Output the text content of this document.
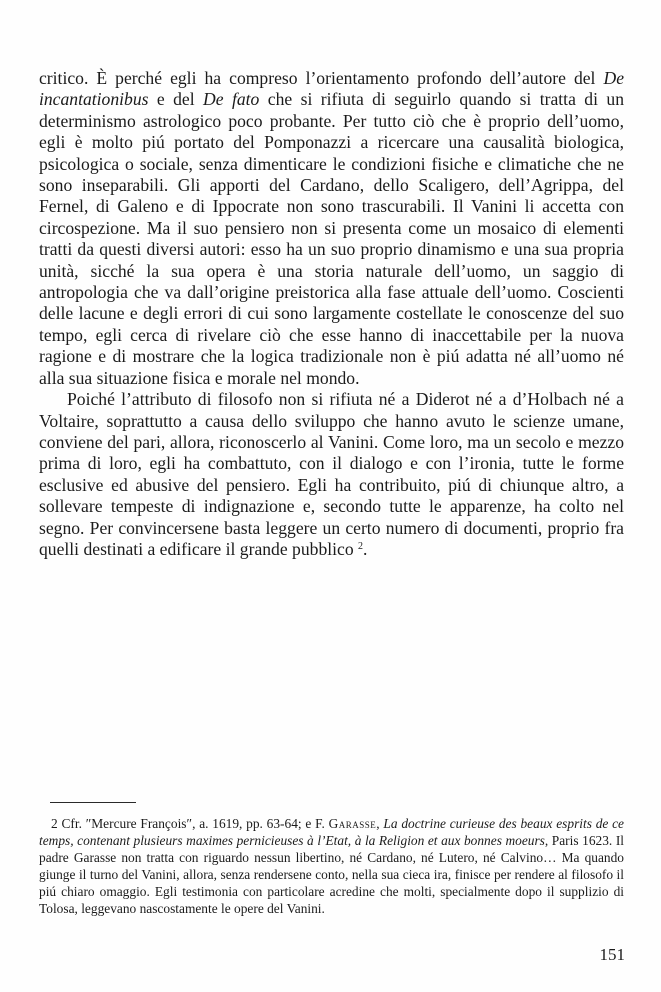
critico. È perché egli ha compreso l’orientamento profondo dell’autore del De incantationibus e del De fato che si rifiuta di seguirlo quando si tratta di un determinismo astrologico poco probante. Per tutto ciò che è proprio dell’uomo, egli è molto piú portato del Pomponazzi a ricercare una causalità biologica, psicologica o sociale, senza dimenticare le condizioni fisiche e climatiche che ne sono inseparabili. Gli apporti del Cardano, dello Scaligero, dell’Agrippa, del Fernel, di Galeno e di Ippocrate non sono trascurabili. Il Vanini li accetta con circospezione. Ma il suo pensiero non si presenta come un mosaico di elementi tratti da questi diversi autori: esso ha un suo proprio dinamismo e una sua propria unità, sicché la sua opera è una storia naturale dell’uomo, un saggio di antropologia che va dall’origine preistorica alla fase attuale dell’uomo. Coscienti delle lacune e degli errori di cui sono largamente costellate le conoscenze del suo tempo, egli cerca di rivelare ciò che esse hanno di inaccettabile per la nuova ragione e di mostrare che la logica tradizionale non è piú adatta né all’uomo né alla sua situazione fisica e morale nel mondo.

Poiché l’attributo di filosofo non si rifiuta né a Diderot né a d’Holbach né a Voltaire, soprattutto a causa dello sviluppo che hanno avuto le scienze umane, conviene del pari, allora, riconoscerlo al Vanini. Come loro, ma un secolo e mezzo prima di loro, egli ha combattuto, con il dialogo e con l’ironia, tutte le forme esclusive ed abusive del pensiero. Egli ha contribuito, piú di chiunque altro, a sollevare tempeste di indignazione e, secondo tutte le apparenze, ha colto nel segno. Per convincersene basta leggere un certo numero di documenti, proprio fra quelli destinati a edificare il grande pubblico $^2$.

2 Cfr. ″Mercure François″, a. 1619, pp. 63-64; e F. Garasse, La doctrine curieuse des beaux esprits de ce temps, contenant plusieurs maximes pernicieuses à l’Etat, à la Religion et aux bonnes moeurs, Paris 1623. Il padre Garasse non tratta con riguardo nessun libertino, né Cardano, né Lutero, né Calvino… Ma quando giunge il turno del Vanini, allora, senza rendersene conto, nella sua cieca ira, finisce per rendere al filosofo il piú chiaro omaggio. Egli testimonia con particolare acredine che molti, specialmente dopo il supplizio di Tolosa, leggevano nascostamente le opere del Vanini.

151
